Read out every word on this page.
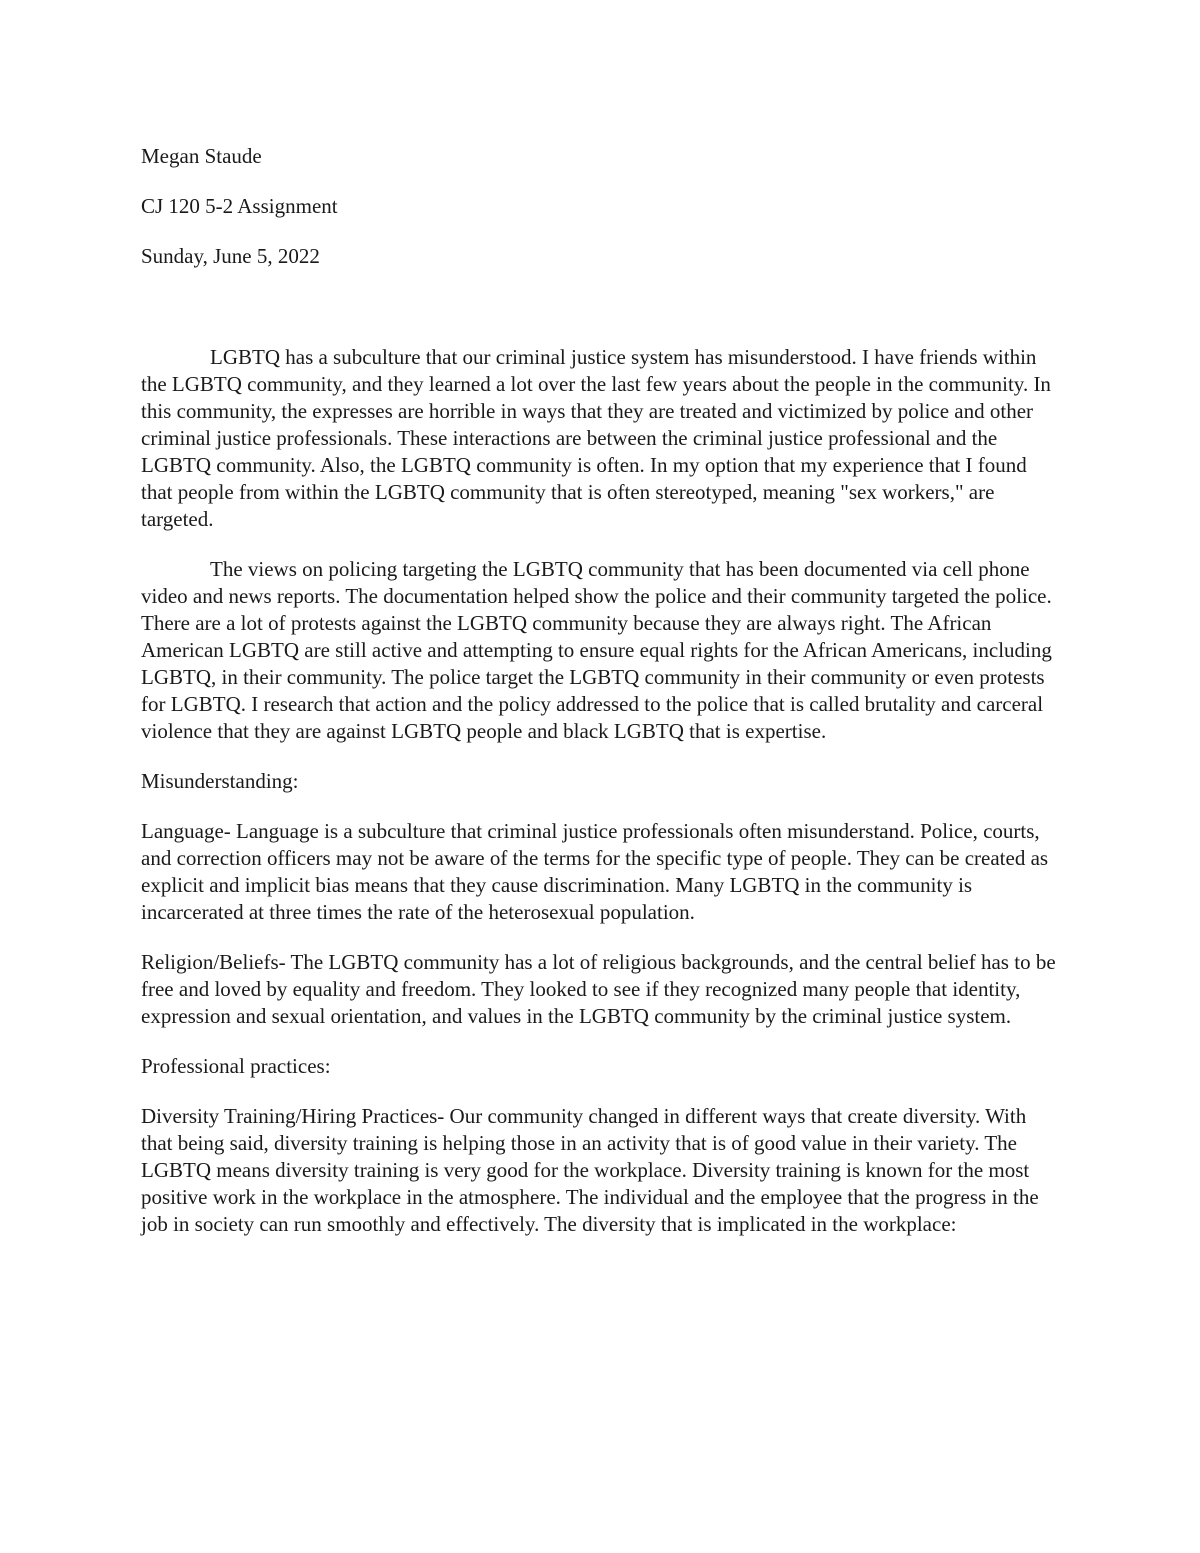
Megan Staude
CJ 120 5-2 Assignment
Sunday, June 5, 2022

LGBTQ has a subculture that our criminal justice system has misunderstood. I have friends within the LGBTQ community, and they learned a lot over the last few years about the people in the community. In this community, the expresses are horrible in ways that they are treated and victimized by police and other criminal justice professionals. These interactions are between the criminal justice professional and the LGBTQ community. Also, the LGBTQ community is often. In my option that my experience that I found that people from within the LGBTQ community that is often stereotyped, meaning "sex workers," are targeted.

The views on policing targeting the LGBTQ community that has been documented via cell phone video and news reports. The documentation helped show the police and their community targeted the police. There are a lot of protests against the LGBTQ community because they are always right. The African American LGBTQ are still active and attempting to ensure equal rights for the African Americans, including LGBTQ, in their community. The police target the LGBTQ community in their community or even protests for LGBTQ. I research that action and the policy addressed to the police that is called brutality and carceral violence that they are against LGBTQ people and black LGBTQ that is expertise.

Misunderstanding:

Language- Language is a subculture that criminal justice professionals often misunderstand. Police, courts, and correction officers may not be aware of the terms for the specific type of people. They can be created as explicit and implicit bias means that they cause discrimination. Many LGBTQ in the community is incarcerated at three times the rate of the heterosexual population.

Religion/Beliefs- The LGBTQ community has a lot of religious backgrounds, and the central belief has to be free and loved by equality and freedom. They looked to see if they recognized many people that identity, expression and sexual orientation, and values in the LGBTQ community by the criminal justice system.

Professional practices:

Diversity Training/Hiring Practices- Our community changed in different ways that create diversity. With that being said, diversity training is helping those in an activity that is of good value in their variety. The LGBTQ means diversity training is very good for the workplace. Diversity training is known for the most positive work in the workplace in the atmosphere. The individual and the employee that the progress in the job in society can run smoothly and effectively. The diversity that is implicated in the workplace:
